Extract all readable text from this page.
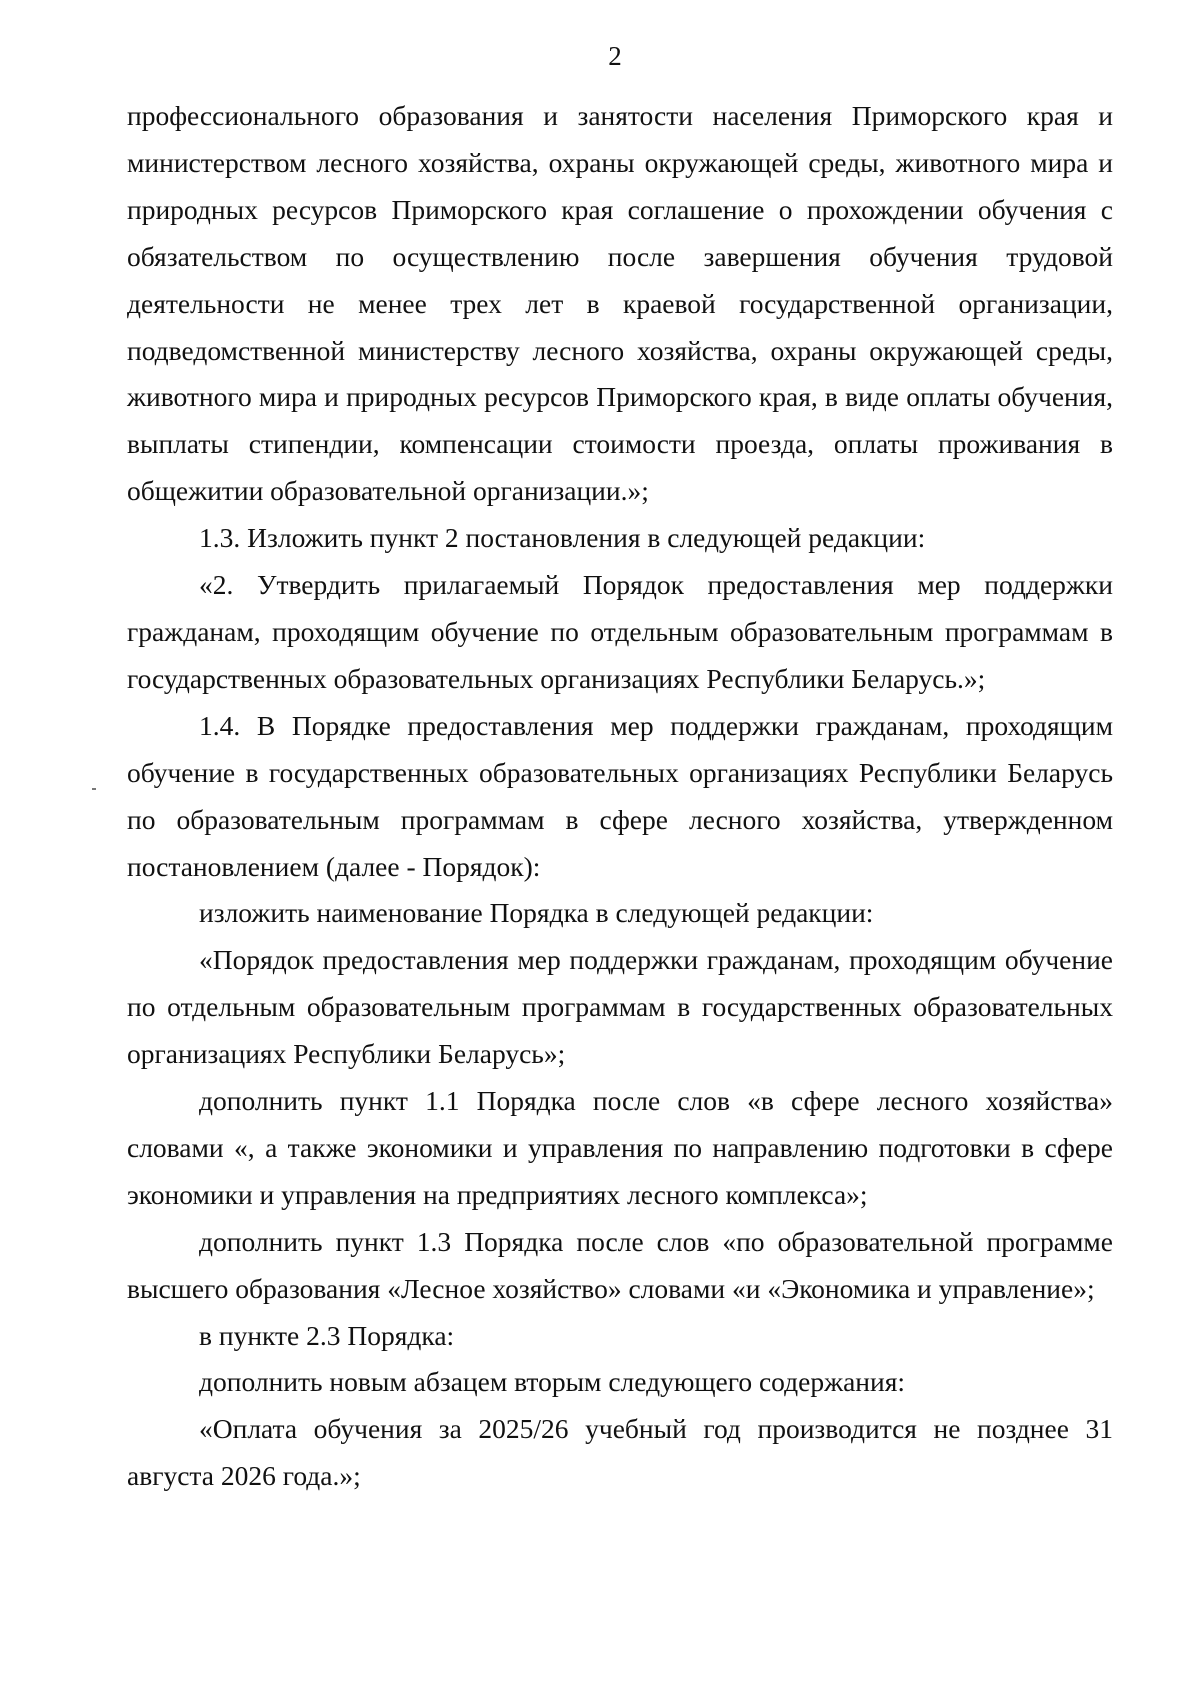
2

профессионального образования и занятости населения Приморского края и министерством лесного хозяйства, охраны окружающей среды, животного мира и природных ресурсов Приморского края соглашение о прохождении обучения с обязательством по осуществлению после завершения обучения трудовой деятельности не менее трех лет в краевой государственной организации, подведомственной министерству лесного хозяйства, охраны окружающей среды, животного мира и природных ресурсов Приморского края, в виде оплаты обучения, выплаты стипендии, компенсации стоимости проезда, оплаты проживания в общежитии образовательной организации.»;

1.3. Изложить пункт 2 постановления в следующей редакции:

«2. Утвердить прилагаемый Порядок предоставления мер поддержки гражданам, проходящим обучение по отдельным образовательным программам в государственных образовательных организациях Республики Беларусь.»;

1.4. В Порядке предоставления мер поддержки гражданам, проходящим обучение в государственных образовательных организациях Республики Беларусь по образовательным программам в сфере лесного хозяйства, утвержденном постановлением (далее - Порядок):

изложить наименование Порядка в следующей редакции:

«Порядок предоставления мер поддержки гражданам, проходящим обучение по отдельным образовательным программам в государственных образовательных организациях Республики Беларусь»;

дополнить пункт 1.1 Порядка после слов «в сфере лесного хозяйства» словами «, а также экономики и управления по направлению подготовки в сфере экономики и управления на предприятиях лесного комплекса»;

дополнить пункт 1.3 Порядка после слов «по образовательной программе высшего образования «Лесное хозяйство» словами «и «Экономика и управление»;

в пункте 2.3 Порядка:

дополнить новым абзацем вторым следующего содержания:

«Оплата обучения за 2025/26 учебный год производится не позднее 31 августа 2026 года.»;
